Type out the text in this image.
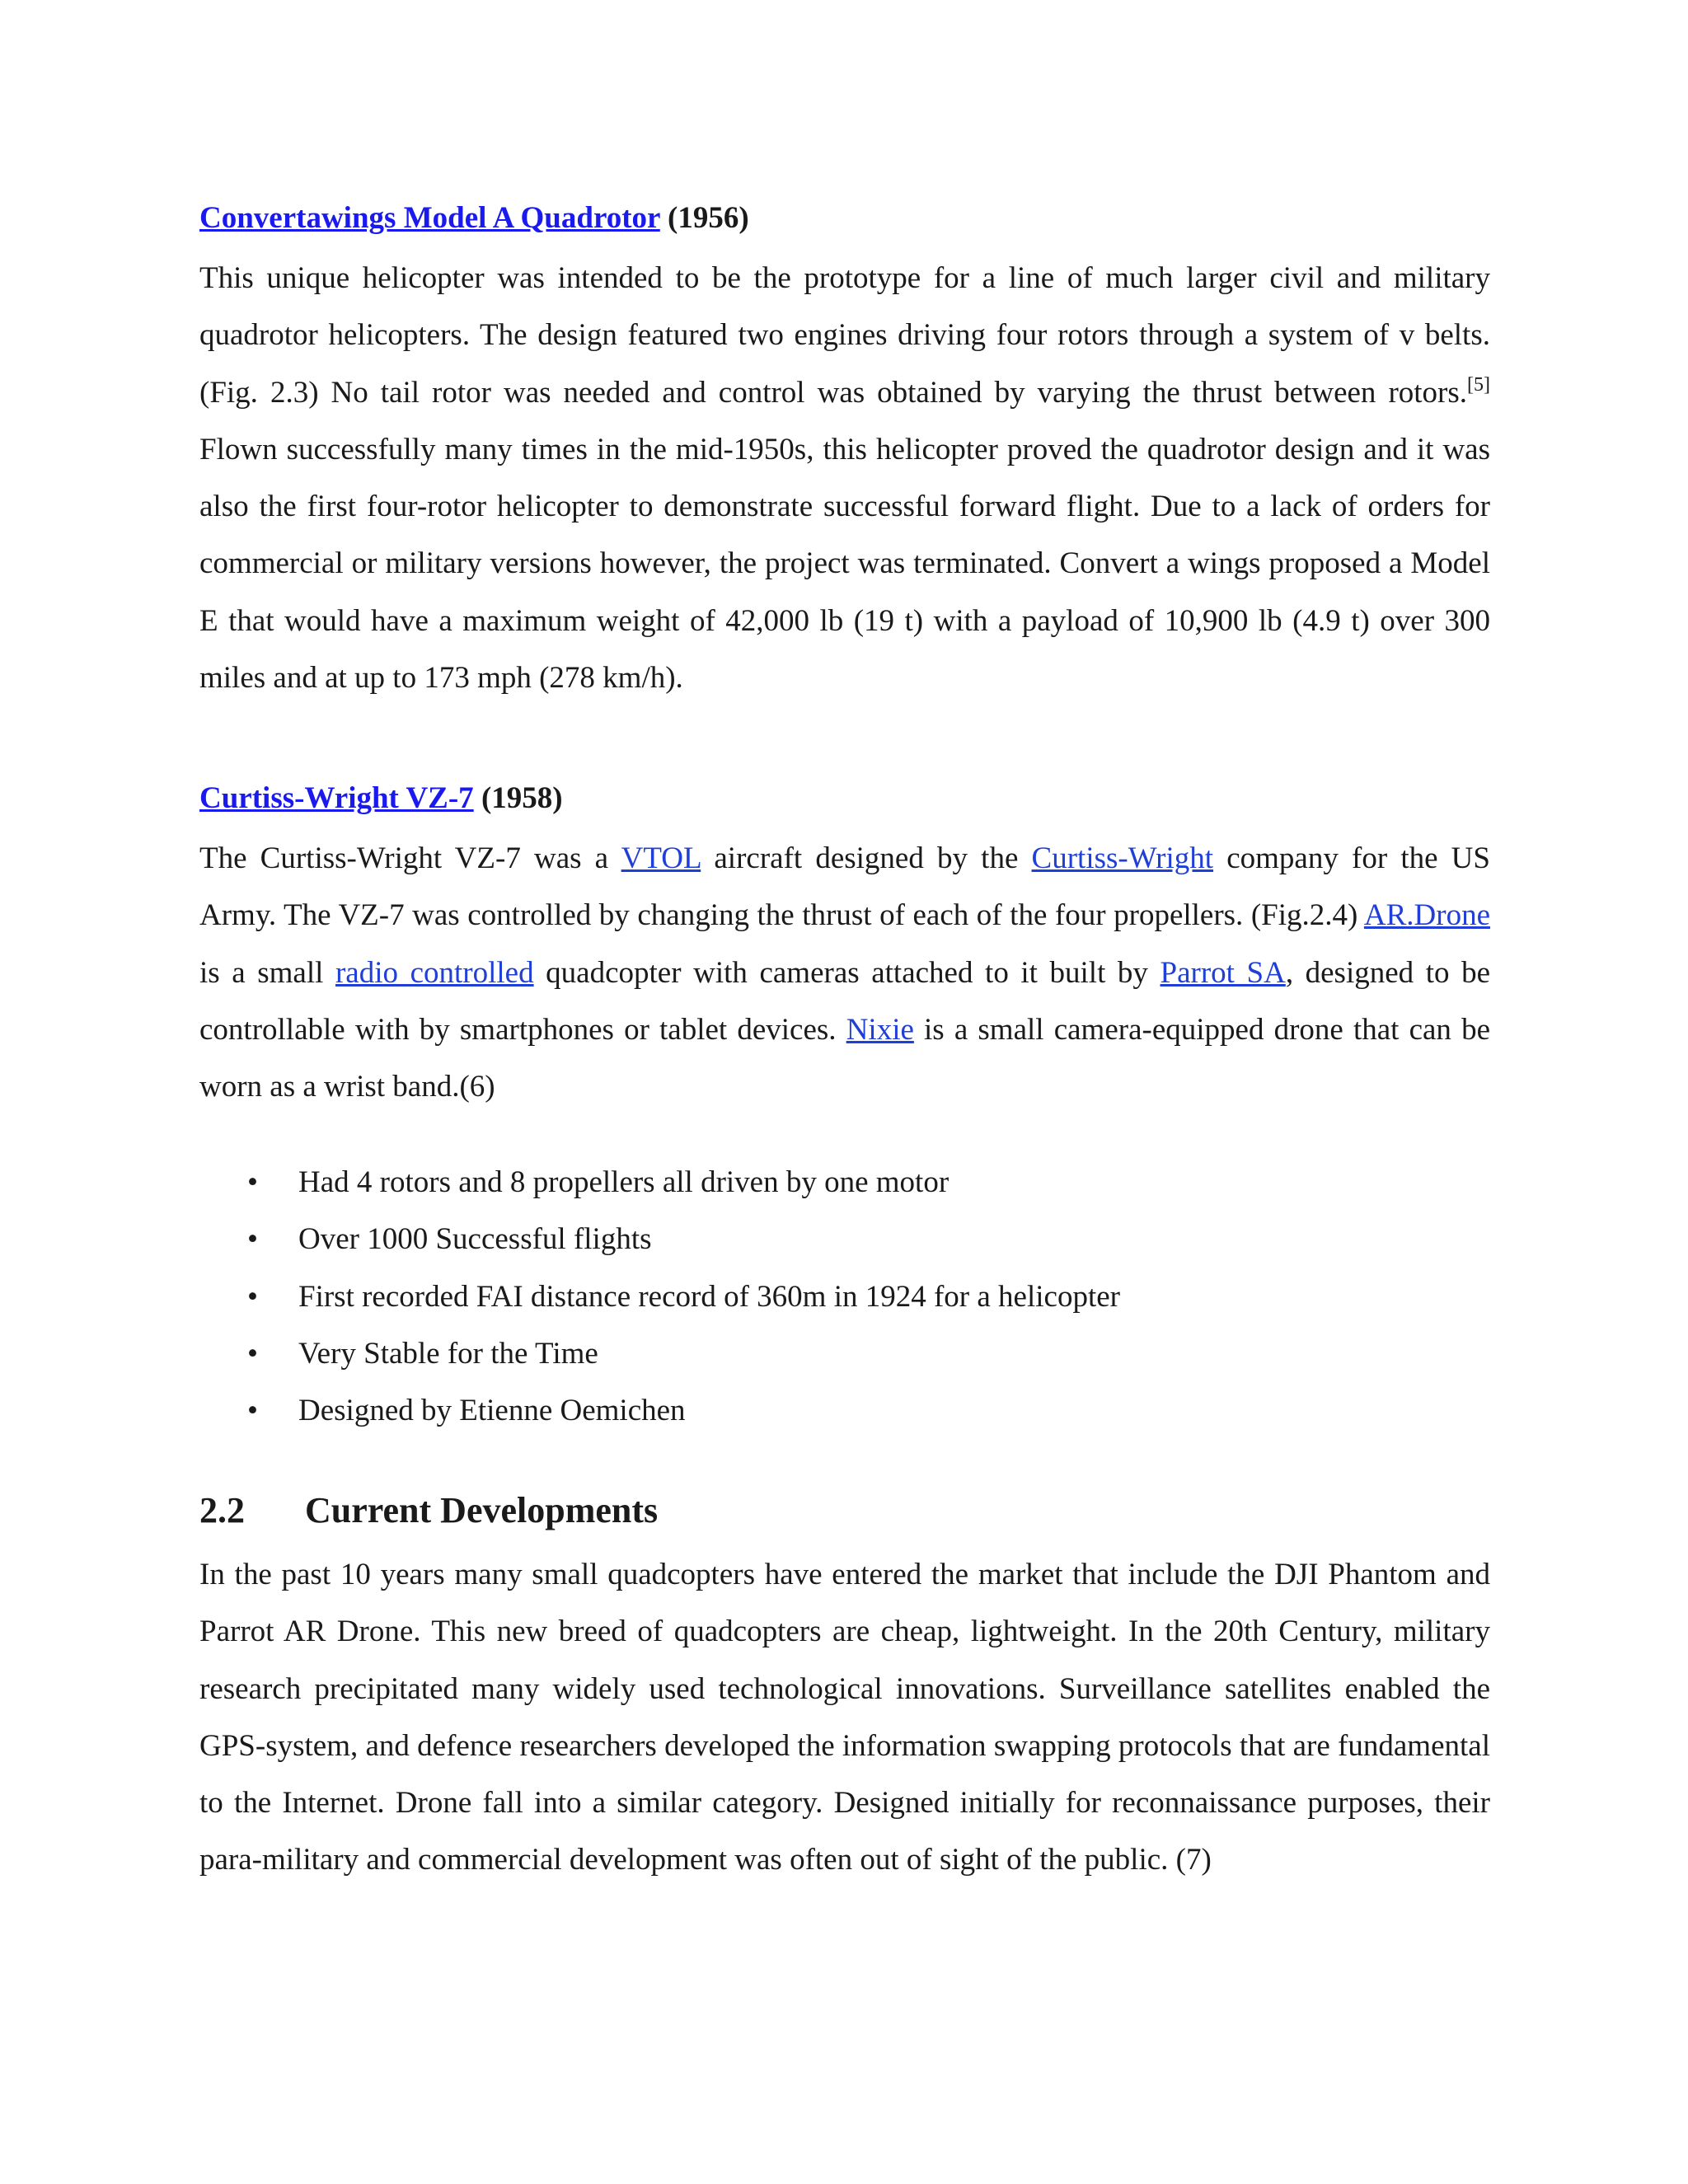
Convertawings Model A Quadrotor (1956)
This unique helicopter was intended to be the prototype for a line of much larger civil and military quadrotor helicopters. The design featured two engines driving four rotors through a system of v belts. (Fig. 2.3) No tail rotor was needed and control was obtained by varying the thrust between rotors.[5] Flown successfully many times in the mid-1950s, this helicopter proved the quadrotor design and it was also the first four-rotor helicopter to demonstrate successful forward flight. Due to a lack of orders for commercial or military versions however, the project was terminated. Convert a wings proposed a Model E that would have a maximum weight of 42,000 lb (19 t) with a payload of 10,900 lb (4.9 t) over 300 miles and at up to 173 mph (278 km/h).
Curtiss-Wright VZ-7 (1958)
The Curtiss-Wright VZ-7 was a VTOL aircraft designed by the Curtiss-Wright company for the US Army. The VZ-7 was controlled by changing the thrust of each of the four propellers. (Fig.2.4) AR.Drone is a small radio controlled quadcopter with cameras attached to it built by Parrot SA, designed to be controllable with by smartphones or tablet devices. Nixie is a small camera-equipped drone that can be worn as a wrist band.(6)
• Had 4 rotors and 8 propellers all driven by one motor
• Over 1000 Successful flights
• First recorded FAI distance record of 360m in 1924 for a helicopter
• Very Stable for the Time
• Designed by Etienne Oemichen
2.2 Current Developments
In the past 10 years many small quadcopters have entered the market that include the DJI Phantom and Parrot AR Drone. This new breed of quadcopters are cheap, lightweight. In the 20th Century, military research precipitated many widely used technological innovations. Surveillance satellites enabled the GPS-system, and defence researchers developed the information swapping protocols that are fundamental to the Internet. Drone fall into a similar category. Designed initially for reconnaissance purposes, their para-military and commercial development was often out of sight of the public. (7)
